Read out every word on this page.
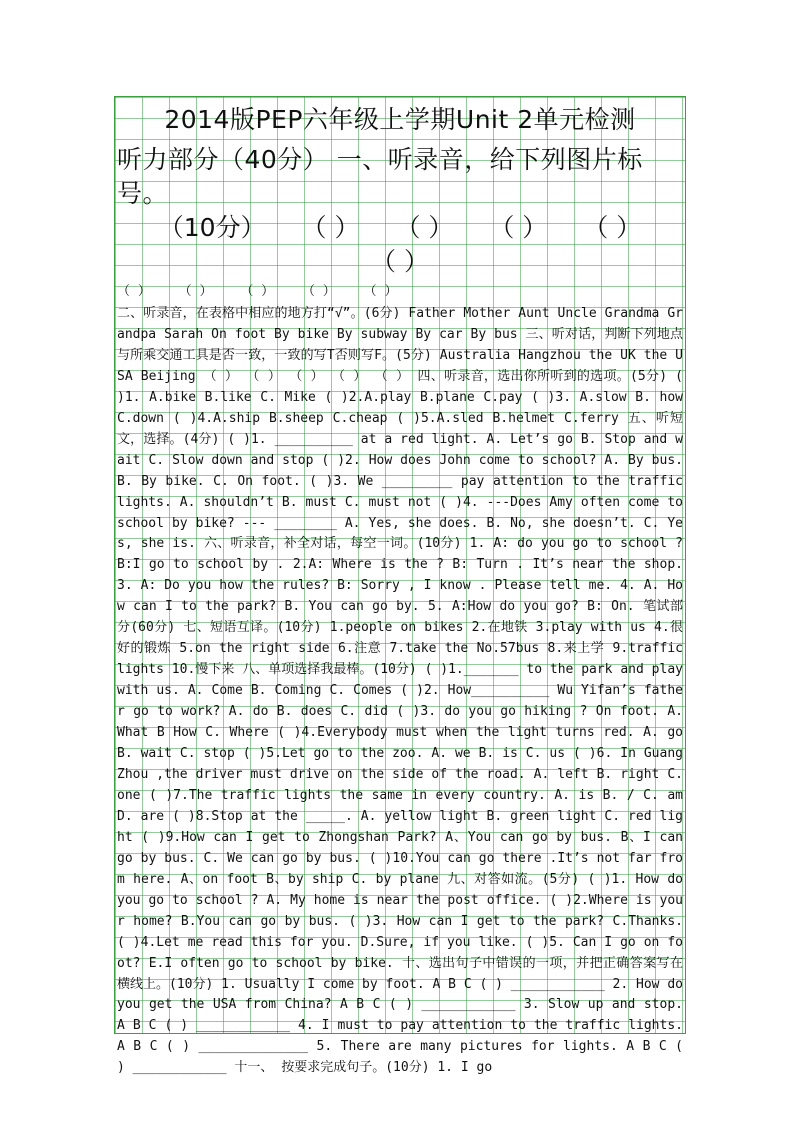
2014版PEP六年级上学期Unit 2单元检测
听力部分（40分） 一、听录音，给下列图片标号。
（10分） （ ） （ ） （ ） （ ） （ ）
（ ） （ ） （ ） （ ） （ ）

二、听录音，在表格中相应的地方打“√”。(6分) Father Mother Aunt Uncle Grandma Grandpa Sarah On foot By bike By subway By car By bus 三、听对话，判断下列地点与所乘交通工具是否一致，一致的写T否则写F。(5分) Australia Hangzhou the UK the USA Beijing （ ） （ ） （ ） （ ） （ ） 四、听录音，选出你所听到的选项。(5分) ( )1. A.bike B.like C. Mike ( )2.A.play B.plane C.pay ( )3. A.slow B. how C.down ( )4.A.ship B.sheep C.cheap ( )5.A.sled B.helmet C.ferry 五、听短文，选择。(4分) ( )1. __________ at a red light. A. Let’s go B. Stop and wait C. Slow down and stop ( )2. How does John come to school? A. By bus. B. By bike. C. On foot. ( )3. We _________ pay attention to the traffic lights. A. shouldn’t B. must C. must not ( )4. ---Does Amy often come to school by bike? --- ________ A. Yes, she does. B. No, she doesn’t. C. Yes, she is. 六、听录音，补全对话，每空一词。(10分) 1. A: do you go to school ? B:I go to school by . 2.A: Where is the ? B: Turn . It’s near the shop. 3. A: Do you how the rules? B: Sorry , I know . Please tell me. 4. A. How can I to the park? B. You can go by. 5. A:How do you go? B: On. 笔试部分(60分) 七、短语互译。(10分) 1.people on bikes 2.在地铁 3.play with us 4.很好的锻炼 5.on the right side 6.注意 7.take the No.57bus 8.来上学 9.traffic lights 10.慢下来 八、单项选择我最棒。(10分) ( )1._______ to the park and play with us. A. Come B. Coming C. Comes ( )2. How__________ Wu Yifan’s father go to work? A. do B. does C. did ( )3. do you go hiking ? On foot. A. What B How C. Where ( )4.Everybody must when the light turns red. A. go B. wait C. stop ( )5.Let go to the zoo. A. we B. is C. us ( )6. In Guang Zhou ,the driver must drive on the side of the road. A. left B. right C. one ( )7.The traffic lights the same in every country. A. is B. / C. am D. are ( )8.Stop at the _____. A. yellow light B. green light C. red light ( )9.How can I get to Zhongshan Park? A、You can go by bus. B、I can go by bus. C. We can go by bus. ( )10.You can go there .It’s not far from here. A、on foot B、by ship C. by plane 九、对答如流。(5分) ( )1. How do you go to school ? A. My home is near the post office. ( )2.Where is your home? B.You can go by bus. ( )3. How can I get to the park? C.Thanks. ( )4.Let me read this for you. D.Sure, if you like. ( )5. Can I go on foot? E.I often go to school by bike. 十、选出句子中错误的一项，并把正确答案写在横线上。(10分) 1. Usually I come by foot. A B C ( ) ____________ 2. How do you get the USA from China? A B C ( ) ____________ 3. Slow up and stop. A B C ( ) ____________ 4. I must to pay attention to the traffic lights. A B C ( ) ______________ 5. There are many pictures for lights. A B C ( ) ____________ 十一、 按要求完成句子。(10分) 1. I go
